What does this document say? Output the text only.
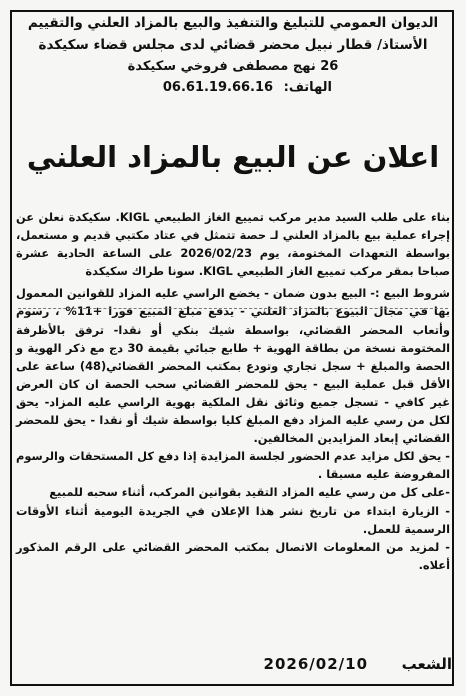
الديوان العمومي للتبليغ والتنفيذ والبيع بالمزاد العلني والتقييم
الأستاذ/ قطار نبيل محضر قضائي لدى مجلس قضاء سكيكدة
26 نهج مصطفى فروخي سكيكدة
الهاتف: 06.61.19.66.16
اعلان عن البيع بالمزاد العلني

بناء على طلب السيد مدير مركب تمييع الغاز الطبيعي KIGL. سكيكدة نعلن عن إجراء عملية بيع بالمزاد العلني لـ حصة تتمثل في عتاد مكتبي قديم و مستعمل، بواسطة التعهدات المختومة، يوم 2026/02/23 على الساعة الحادية عشرة صباحا بمقر مركب تمييع الغاز الطبيعي KIGL. سونا طراك سكيكدة

شروط البيع :- البيع بدون ضمان - يخضع الراسي عليه المزاد للقوانين المعمول بها في مجال البيوع بالمزاد العلني - يدفع مبلغ المبيع فورا +11% ، رسوم وأتعاب المحضر القضائي، بواسطة شيك بنكي أو نقدا- ترفق بالأظرفة المختومة نسخة من بطاقة الهوية + طابع جبائي بقيمة 30 دج مع ذكر الهوية و الحصة والمبلغ + سجل تجاري وتودع بمكتب المحضر القضائي(48) ساعة على الأقل قبل عملية البيع - يحق للمحضر القضائي سحب الحصة ان كان العرض غير كافي - تسجل جميع وثائق نقل الملكية بهوية الراسي عليه المزاد- يحق لكل من رسي عليه المزاد دفع المبلغ كليا بواسطة شيك أو نقدا - يحق للمحضر القضائي إبعاد المزايدين المخالفين.

- يحق لكل مزايد عدم الحضور لجلسة المزايدة إذا دفع كل المستحقات والرسوم المفروضة عليه مسبقا .

-على كل من رسي عليه المزاد التقيد بقوانين المركب، أثناء سحبه للمبيع

- الزيارة ابتداء من تاريخ نشر هذا الإعلان في الجريدة اليومية أثناء الأوقات الرسمية للعمل.

- لمزيد من المعلومات الاتصال بمكتب المحضر القضائي على الرقم المذكور أعلاه.

الشعب
2026/02/10
